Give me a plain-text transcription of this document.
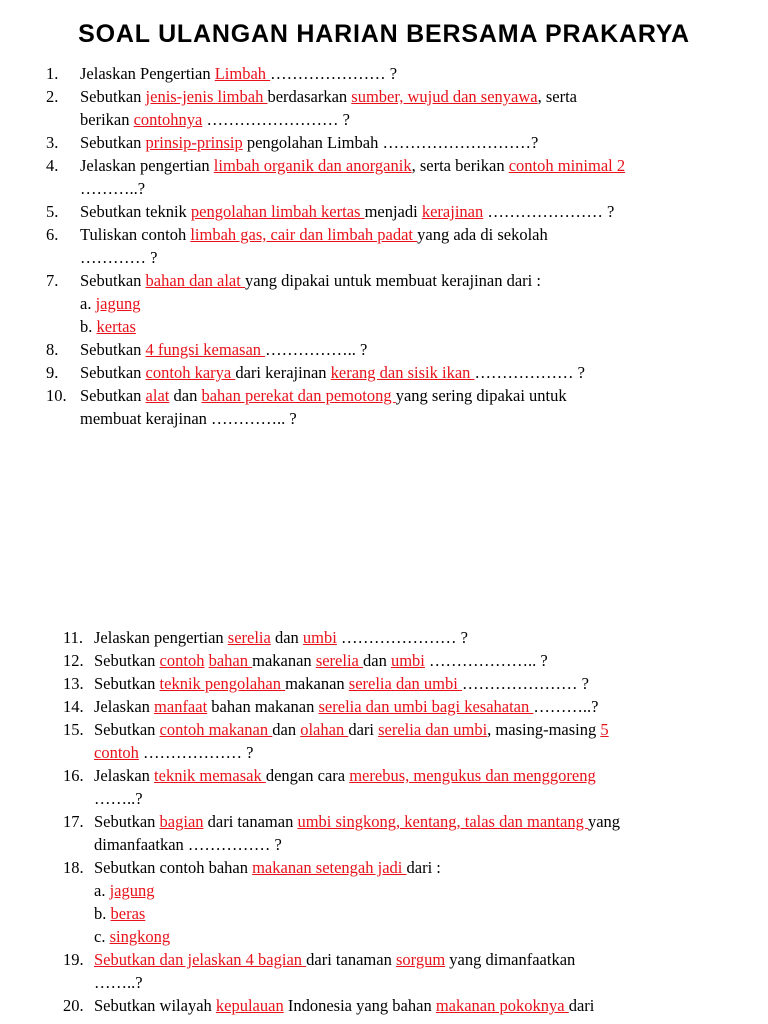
SOAL ULANGAN HARIAN BERSAMA PRAKARYA
1. Jelaskan Pengertian Limbah ………………… ?
2. Sebutkan jenis-jenis limbah berdasarkan sumber, wujud dan senyawa, serta
berikan contohnya …………………… ?
3. Sebutkan prinsip-prinsip pengolahan Limbah ………………………?
4. Jelaskan pengertian limbah organik dan anorganik, serta berikan contoh minimal 2
………..?
5. Sebutkan teknik pengolahan limbah kertas menjadi kerajinan ………………… ?
6. Tuliskan contoh limbah gas, cair dan limbah padat yang ada di sekolah
………… ?
7. Sebutkan bahan dan alat yang dipakai untuk membuat kerajinan dari :
a. jagung
b. kertas
8. Sebutkan 4 fungsi kemasan …………….. ?
9. Sebutkan contoh karya dari kerajinan kerang dan sisik ikan ……………… ?
10. Sebutkan alat dan bahan perekat dan pemotong yang sering dipakai untuk
membuat kerajinan ………….. ?
11. Jelaskan pengertian serelia dan umbi ………………… ?
12. Sebutkan contoh bahan makanan serelia dan umbi ……………….. ?
13. Sebutkan teknik pengolahan makanan serelia dan umbi ………………… ?
14. Jelaskan manfaat bahan makanan serelia dan umbi bagi kesahatan ………..?
15. Sebutkan contoh makanan dan olahan dari serelia dan umbi, masing-masing 5
contoh ……………… ?
16. Jelaskan teknik memasak dengan cara merebus, mengukus dan menggoreng
……..?
17. Sebutkan bagian dari tanaman umbi singkong, kentang, talas dan mantang yang
dimanfaatkan …………… ?
18. Sebutkan contoh bahan makanan setengah jadi dari :
a. jagung
b. beras
c. singkong
19. Sebutkan dan jelaskan 4 bagian dari tanaman sorgum yang dimanfaatkan
……..?
20. Sebutkan wilayah kepulauan Indonesia yang bahan makanan pokoknya dari
